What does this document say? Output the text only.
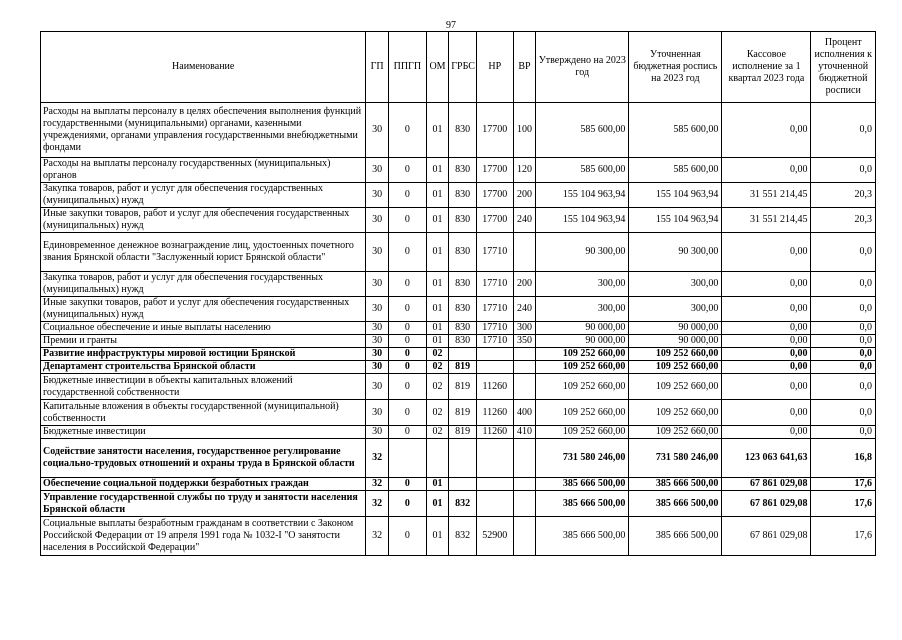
97
Наименование	ГП	ППГП	ОМ	ГРБС	НР	ВР	Утверждено на 2023 год	Уточненная бюджетная роспись на 2023 год	Кассовое исполнение за 1 квартал 2023 года	Процент исполнения к уточненной бюджетной росписи
Расходы на выплаты персоналу в целях обеспечения выполнения функций государственными (муниципальными) органами, казенными учреждениями, органами управления государственными внебюджетными фондами	30	0	01	830	17700	100	585 600,00	585 600,00	0,00	0,0
Расходы на выплаты персоналу государственных (муниципальных) органов	30	0	01	830	17700	120	585 600,00	585 600,00	0,00	0,0
Закупка товаров, работ и услуг для обеспечения государственных (муниципальных) нужд	30	0	01	830	17700	200	155 104 963,94	155 104 963,94	31 551 214,45	20,3
Иные закупки товаров, работ и услуг для обеспечения государственных (муниципальных) нужд	30	0	01	830	17700	240	155 104 963,94	155 104 963,94	31 551 214,45	20,3
Единовременное денежное вознаграждение лиц, удостоенных почетного звания Брянской области "Заслуженный юрист Брянской области"	30	0	01	830	17710		90 300,00	90 300,00	0,00	0,0
Закупка товаров, работ и услуг для обеспечения государственных (муниципальных) нужд	30	0	01	830	17710	200	300,00	300,00	0,00	0,0
Иные закупки товаров, работ и услуг для обеспечения государственных (муниципальных) нужд	30	0	01	830	17710	240	300,00	300,00	0,00	0,0
Социальное обеспечение и иные выплаты населению	30	0	01	830	17710	300	90 000,00	90 000,00	0,00	0,0
Премии и гранты	30	0	01	830	17710	350	90 000,00	90 000,00	0,00	0,0
Развитие инфраструктуры мировой юстиции Брянской	30	0	02				109 252 660,00	109 252 660,00	0,00	0,0
Департамент строительства Брянской области	30	0	02	819			109 252 660,00	109 252 660,00	0,00	0,0
Бюджетные инвестиции в объекты капитальных вложений государственной собственности	30	0	02	819	11260		109 252 660,00	109 252 660,00	0,00	0,0
Капитальные вложения в объекты государственной (муниципальной) собственности	30	0	02	819	11260	400	109 252 660,00	109 252 660,00	0,00	0,0
Бюджетные инвестиции	30	0	02	819	11260	410	109 252 660,00	109 252 660,00	0,00	0,0
Содействие занятости населения, государственное регулирование социально-трудовых отношений и охраны труда в Брянской области	32						731 580 246,00	731 580 246,00	123 063 641,63	16,8
Обеспечение социальной поддержки безработных граждан	32	0	01				385 666 500,00	385 666 500,00	67 861 029,08	17,6
Управление государственной службы по труду и занятости населения Брянской области	32	0	01	832			385 666 500,00	385 666 500,00	67 861 029,08	17,6
Социальные выплаты безработным гражданам в соответствии с Законом Российской Федерации от 19 апреля 1991 года № 1032-I "О занятости населения в Российской Федерации"	32	0	01	832	52900		385 666 500,00	385 666 500,00	67 861 029,08	17,6
